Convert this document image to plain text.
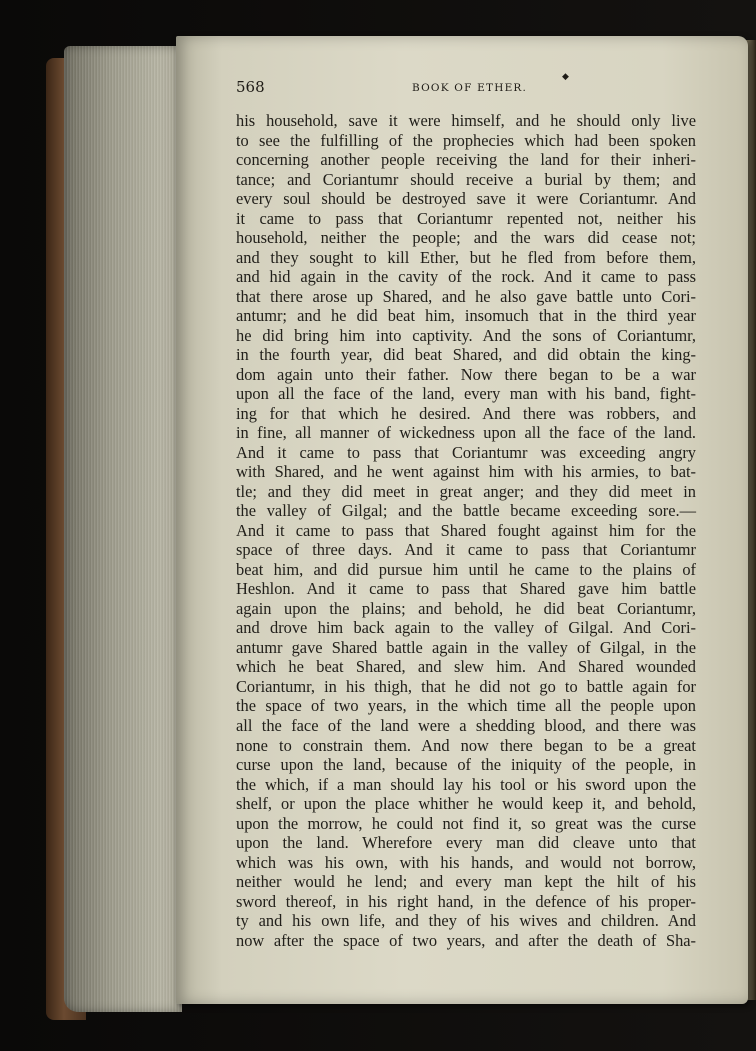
568	BOOK OF ETHER.
◆
his household, save it were himself, and he should only live
to see the fulfilling of the prophecies which had been spoken
concerning another people receiving the land for their inheri-
tance; and Coriantumr should receive a burial by them; and
every soul should be destroyed save it were Coriantumr. And
it came to pass that Coriantumr repented not, neither his
household, neither the people; and the wars did cease not;
and they sought to kill Ether, but he fled from before them,
and hid again in the cavity of the rock. And it came to pass
that there arose up Shared, and he also gave battle unto Cori-
antumr; and he did beat him, insomuch that in the third year
he did bring him into captivity. And the sons of Coriantumr,
in the fourth year, did beat Shared, and did obtain the king-
dom again unto their father. Now there began to be a war
upon all the face of the land, every man with his band, fight-
ing for that which he desired. And there was robbers, and
in fine, all manner of wickedness upon all the face of the land.
And it came to pass that Coriantumr was exceeding angry
with Shared, and he went against him with his armies, to bat-
tle; and they did meet in great anger; and they did meet in
the valley of Gilgal; and the battle became exceeding sore.—
And it came to pass that Shared fought against him for the
space of three days. And it came to pass that Coriantumr
beat him, and did pursue him until he came to the plains of
Heshlon. And it came to pass that Shared gave him battle
again upon the plains; and behold, he did beat Coriantumr,
and drove him back again to the valley of Gilgal. And Cori-
antumr gave Shared battle again in the valley of Gilgal, in the
which he beat Shared, and slew him. And Shared wounded
Coriantumr, in his thigh, that he did not go to battle again for
the space of two years, in the which time all the people upon
all the face of the land were a shedding blood, and there was
none to constrain them. And now there began to be a great
curse upon the land, because of the iniquity of the people, in
the which, if a man should lay his tool or his sword upon the
shelf, or upon the place whither he would keep it, and behold,
upon the morrow, he could not find it, so great was the curse
upon the land. Wherefore every man did cleave unto that
which was his own, with his hands, and would not borrow,
neither would he lend; and every man kept the hilt of his
sword thereof, in his right hand, in the defence of his proper-
ty and his own life, and they of his wives and children. And
now after the space of two years, and after the death of Sha-
